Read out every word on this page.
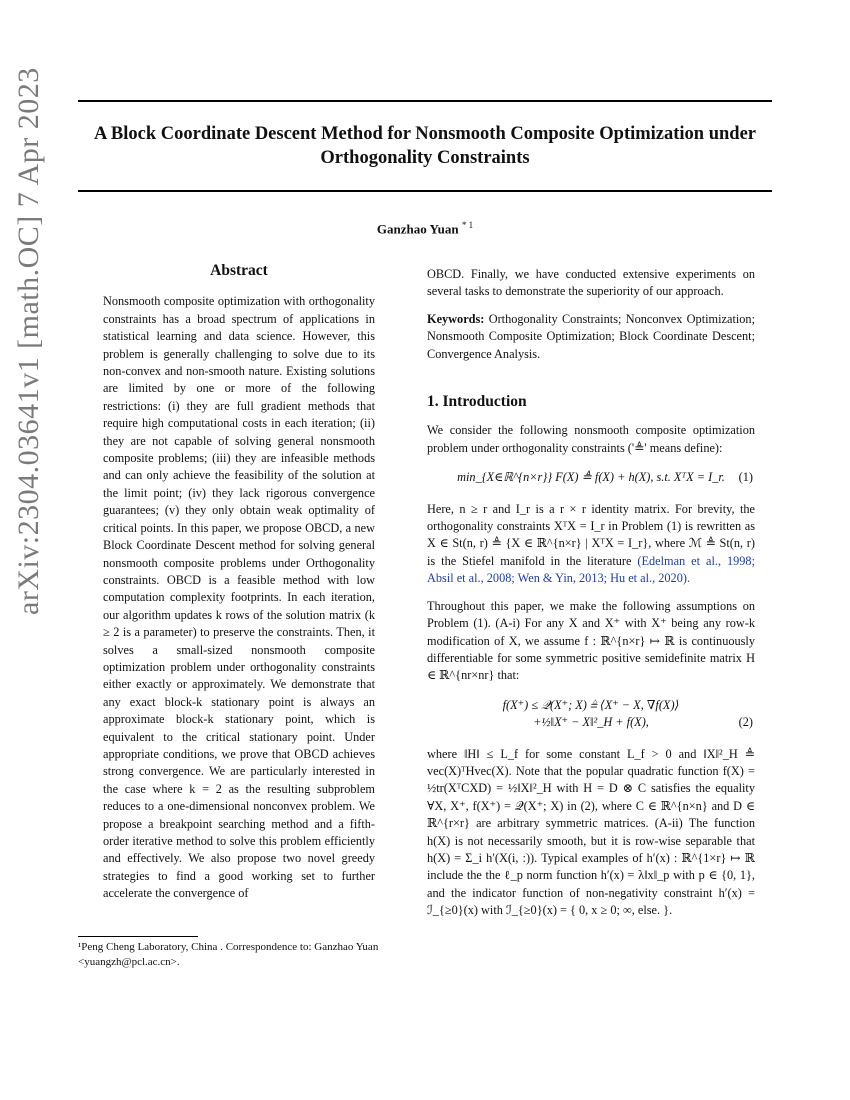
A Block Coordinate Descent Method for Nonsmooth Composite Optimization under Orthogonality Constraints
Ganzhao Yuan $^{* 1}$
arXiv:2304.03641v1 [math.OC] 7 Apr 2023	Abstract

Nonsmooth composite optimization with orthogonality constraints has a broad spectrum of applications in statistical learning and data science. However, this problem is generally challenging to solve due to its non-convex and non-smooth nature. Existing solutions are limited by one or more of the following restrictions: (i) they are full gradient methods that require high computational costs in each iteration; (ii) they are not capable of solving general nonsmooth composite problems; (iii) they are infeasible methods and can only achieve the feasibility of the solution at the limit point; (iv) they lack rigorous convergence guarantees; (v) they only obtain weak optimality of critical points. In this paper, we propose OBCD, a new Block Coordinate Descent method for solving general nonsmooth composite problems under Orthogonality constraints. OBCD is a feasible method with low computation complexity footprints. In each iteration, our algorithm updates k rows of the solution matrix (k ≥ 2 is a parameter) to preserve the constraints. Then, it solves a small-sized nonsmooth composite optimization problem under orthogonality constraints either exactly or approximately. We demonstrate that any exact block-k stationary point is always an approximate block-k stationary point, which is equivalent to the critical stationary point. Under appropriate conditions, we prove that OBCD achieves strong convergence. We are particularly interested in the case where k = 2 as the resulting subproblem reduces to a one-dimensional nonconvex problem. We propose a breakpoint searching method and a fifth-order iterative method to solve this problem efficiently and effectively. We also propose two novel greedy strategies to find a good working set to further accelerate the convergence of

OBCD. Finally, we have conducted extensive experiments on several tasks to demonstrate the superiority of our approach.

Keywords: Orthogonality Constraints; Nonconvex Optimization; Nonsmooth Composite Optimization; Block Coordinate Descent; Convergence Analysis.

1. Introduction

We consider the following nonsmooth composite optimization problem under orthogonality constraints ('≜' means define):

min_{X∈ℝ^{n×r}} F(X) ≜ f(X) + h(X), s.t. XᵀX = I_r. (1)

Here, n ≥ r and I_r is a r × r identity matrix. For brevity, the orthogonality constraints XᵀX = I_r in Problem (1) is rewritten as X ∈ St(n, r) ≜ {X ∈ ℝ^{n×r} | XᵀX = I_r}, where ℳ ≜ St(n, r) is the Stiefel manifold in the literature (Edelman et al., 1998; Absil et al., 2008; Wen & Yin, 2013; Hu et al., 2020).

Throughout this paper, we make the following assumptions on Problem (1). (A-i) For any X and X⁺ with X⁺ being any row-k modification of X, we assume f : ℝ^{n×r} ↦ ℝ is continuously differentiable for some symmetric positive semidefinite matrix H ∈ ℝ^{nr×nr} that:

f(X⁺) ≤ 𝒬(X⁺; X) ≜ ⟨X⁺ − X, ∇f(X)⟩
+½‖X⁺ − X‖²_H + f(X),	(2)

where ‖H‖ ≤ L_f for some constant L_f > 0 and ‖X‖²_H ≜ vec(X)ᵀHvec(X). Note that the popular quadratic function f(X) = ½tr(XᵀCXD) = ½‖X‖²_H with H = D ⊗ C satisfies the equality ∀X, X⁺, f(X⁺) = 𝒬(X⁺; X) in (2), where C ∈ ℝ^{n×n} and D ∈ ℝ^{r×r} are arbitrary symmetric matrices. (A-ii) The function h(X) is not necessarily smooth, but it is row-wise separable that h(X) = Σ_i h′(X(i, :)). Typical examples of h′(x) : ℝ^{1×r} ↦ ℝ include the the ℓ_p norm function h′(x) = λ‖x‖_p with p ∈ {0, 1}, and the indicator function of non-negativity constraint h′(x) = ℐ_{≥0}(x) with ℐ_{≥0}(x) = { 0, x ≥ 0; ∞, else. }.

¹Peng Cheng Laboratory, China . Correspondence to: Ganzhao Yuan <yuangzh@pcl.ac.cn>.
